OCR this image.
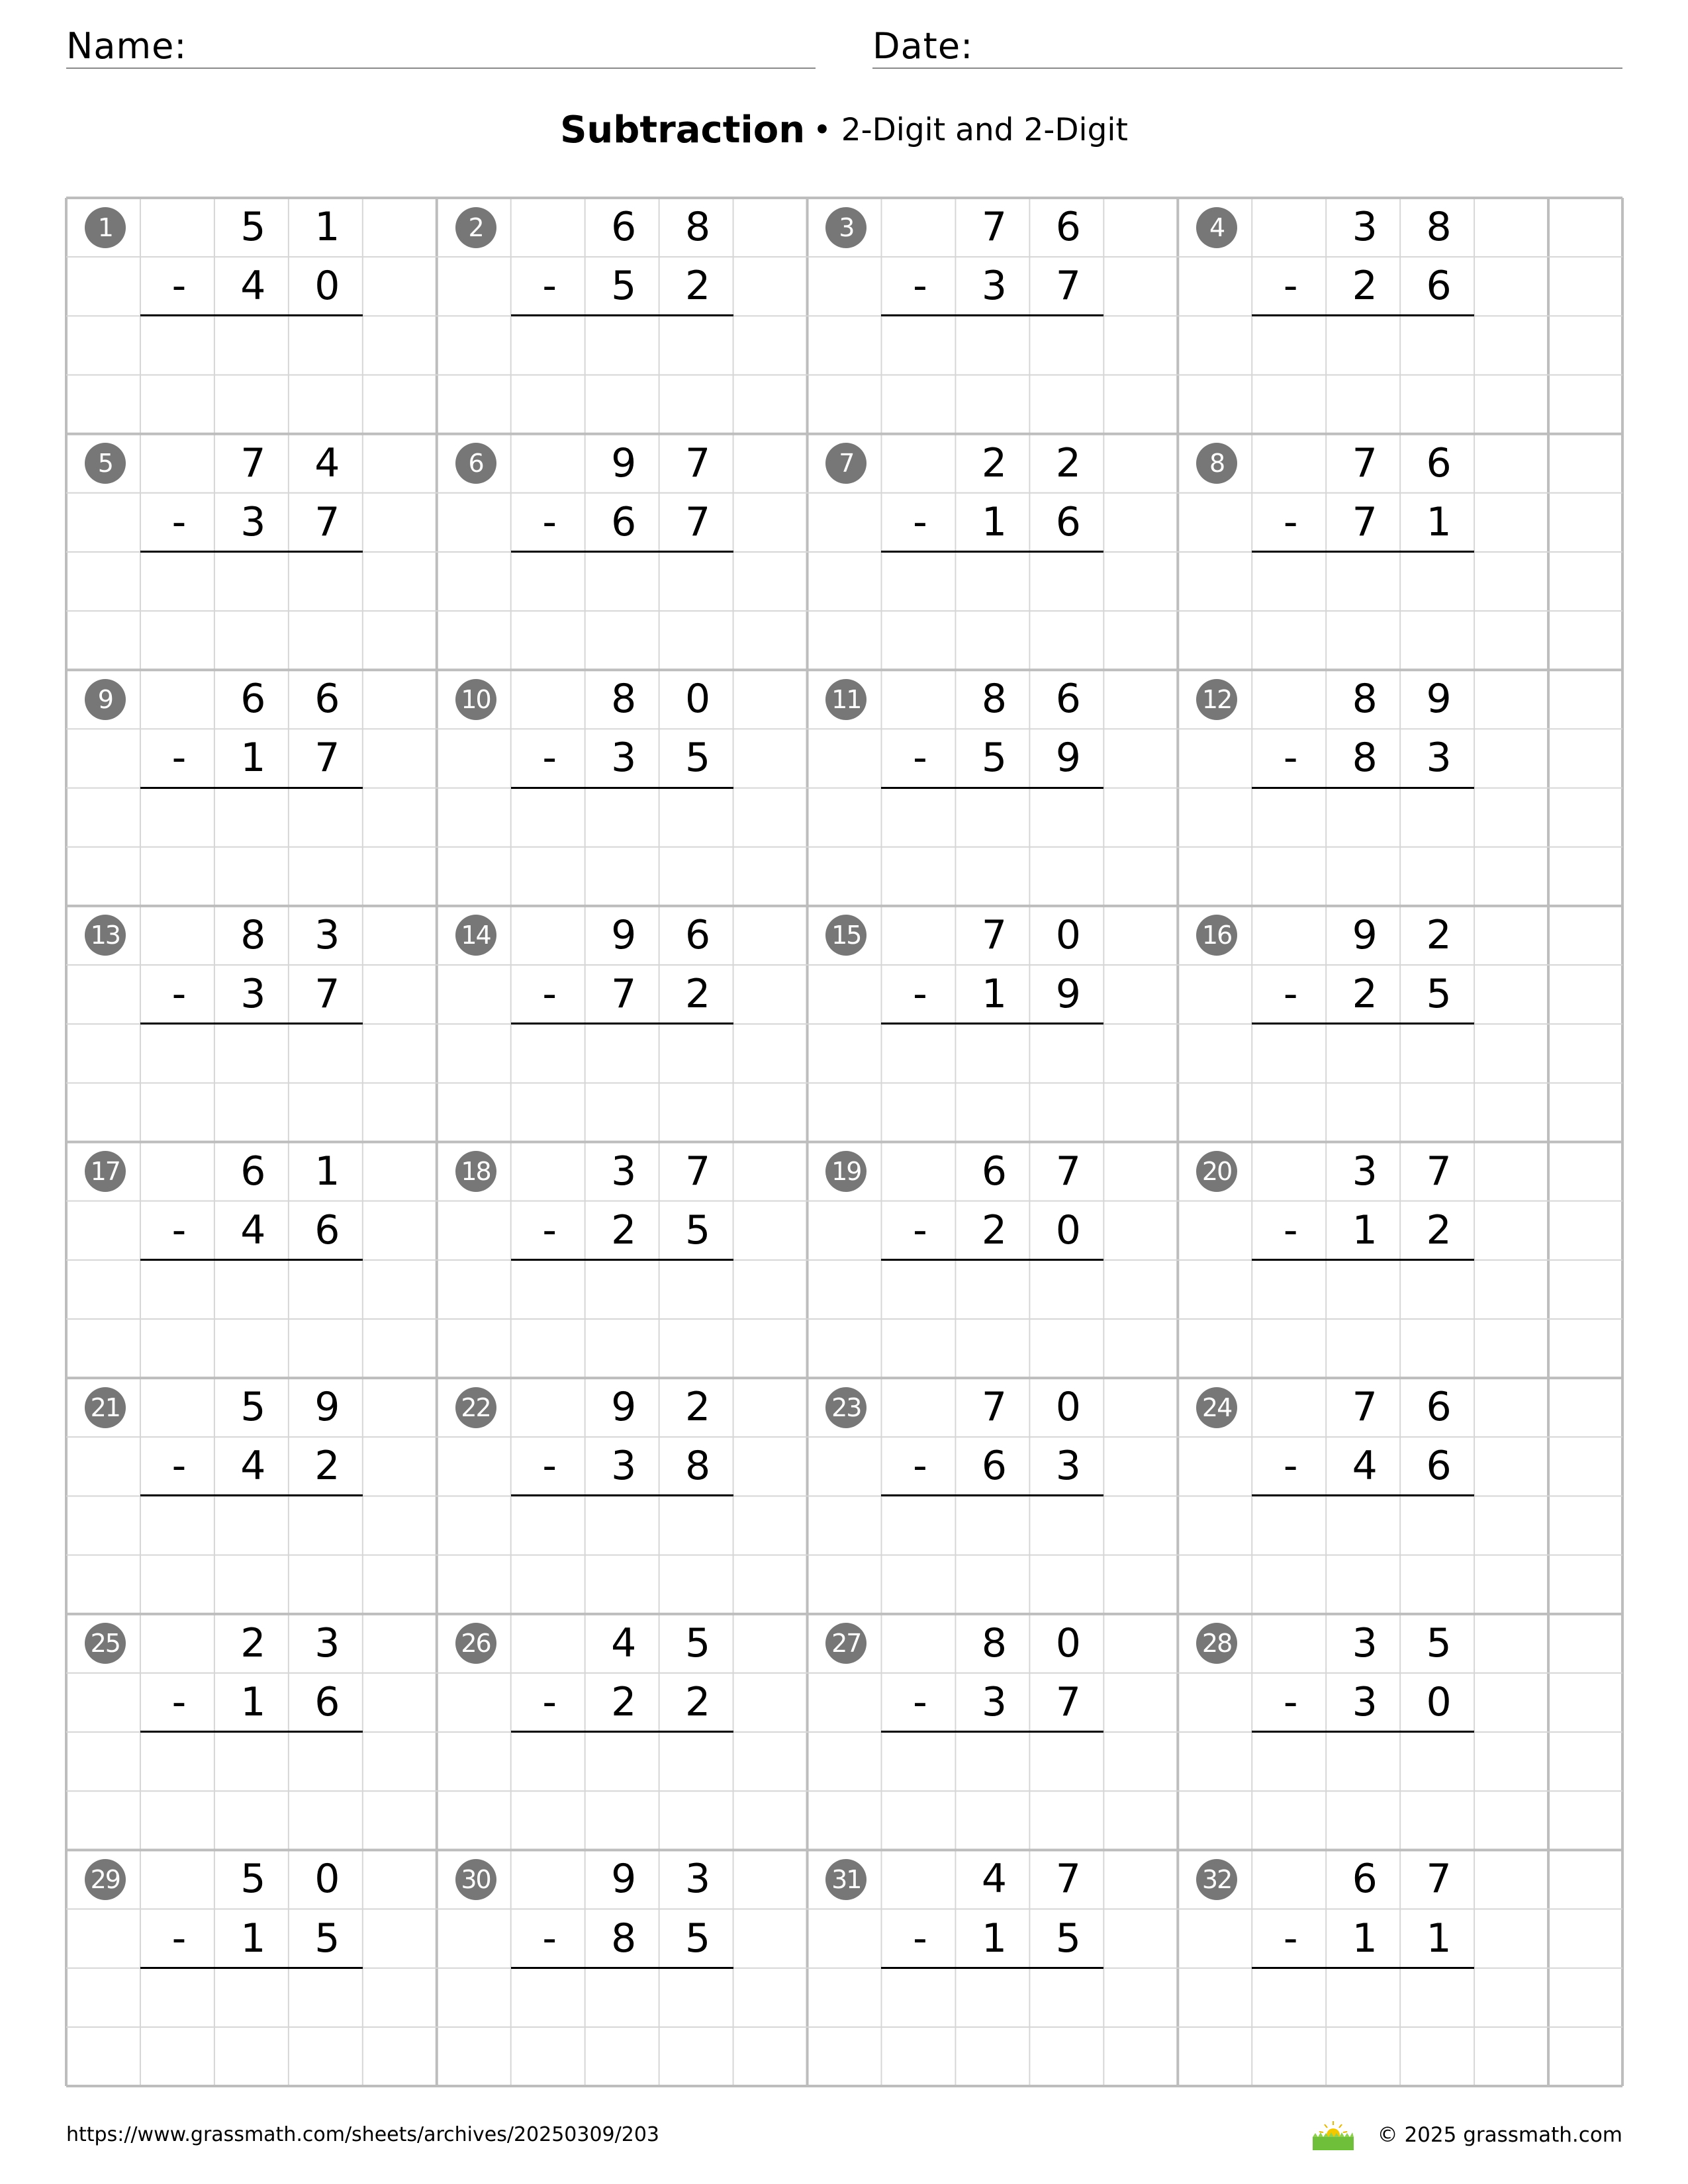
Name:	Date:
Subtraction • 2-Digit and 2-Digit
1	5	1
-	4	0
2	6	8
-	5	2
3	7	6
-	3	7
4	3	8
-	2	6
5	7	4
-	3	7
6	9	7
-	6	7
7	2	2
-	1	6
8	7	6
-	7	1
9	6	6
-	1	7
10	8	0
-	3	5
11	8	6
-	5	9
12	8	9
-	8	3
13	8	3
-	3	7
14	9	6
-	7	2
15	7	0
-	1	9
16	9	2
-	2	5
17	6	1
-	4	6
18	3	7
-	2	5
19	6	7
-	2	0
20	3	7
-	1	2
21	5	9
-	4	2
22	9	2
-	3	8
23	7	0
-	6	3
24	7	6
-	4	6
25	2	3
-	1	6
26	4	5
-	2	2
27	8	0
-	3	7
28	3	5
-	3	0
29	5	0
-	1	5
30	9	3
-	8	5
31	4	7
-	1	5
32	6	7
-	1	1
https://www.grassmath.com/sheets/archives/20250309/203	© 2025 grassmath.com
